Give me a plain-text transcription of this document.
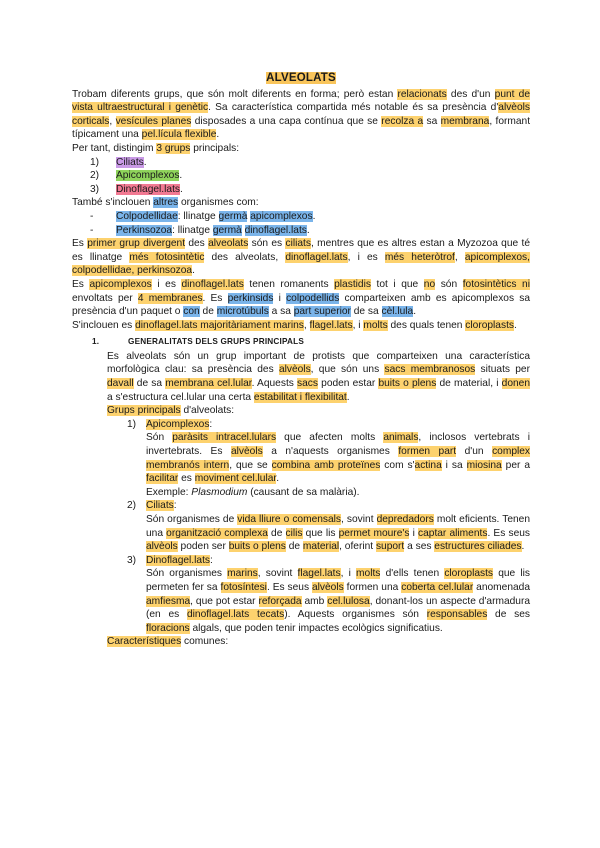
ALVEOLATS

Trobam diferents grups, que són molt diferents en forma; però estan relacionats des d'un punt de vista ultraestructural i genètic. Sa característica compartida més notable és sa presència d'alvèols corticals, vesícules planes disposades a una capa contínua que se recolza a sa membrana, formant típicament una pel.lícula flexible.

Per tant, distingim 3 grups principals:

1) Ciliats.
2) Apicomplexos.
3) Dinoflagel.lats.

També s'inclouen altres organismes com:

- Colpodellidae: llinatge germà apicomplexos.
- Perkinsozoa: llinatge germà dinoflagel.lats.

Es primer grup divergent des alveolats són es ciliats, mentres que es altres estan a Myzozoa que té es llinatge més fotosintètic des alveolats, dinoflagel.lats, i es més heteròtrof, apicomplexos, colpodellidae, perkinsozoa.

Es apicomplexos i es dinoflagel.lats tenen romanents plastidis tot i que no són fotosintètics ni envoltats per 4 membranes. Es perkinsids i colpodellids comparteixen amb es apicomplexos sa presència d'un paquet o con de microtúbuls a sa part superior de sa cèl.lula.

S'inclouen es dinoflagel.lats majoritàriament marins, flagel.lats, i molts des quals tenen cloroplasts.

1.	GENERALITATS DELS GRUPS PRINCIPALS

Es alveolats són un grup important de protists que comparteixen una característica morfològica clau: sa presència des alvèols, que són uns sacs membranosos situats per davall de sa membrana cel.lular. Aquests sacs poden estar buits o plens de material, i donen a s'estructura cel.lular una certa estabilitat i flexibilitat.

Grups principals d'alveolats:

1) Apicomplexos:

Són paràsits intracel.lulars que afecten molts animals, inclosos vertebrats i invertebrats. Es alvèols a n'aquests organismes formen part d'un complex membranós intern, que se combina amb proteïnes com s'actina i sa miosina per a facilitar es moviment cel.lular.

Exemple: Plasmodium (causant de sa malària).

2) Ciliats:

Són organismes de vida lliure o comensals, sovint depredadors molt eficients. Tenen una organització complexa de cilis que lis permet moure's i captar aliments. Es seus alvèols poden ser buits o plens de material, oferint suport a ses estructures ciliades.

3) Dinoflagel.lats:

Són organismes marins, sovint flagel.lats, i molts d'ells tenen cloroplasts que lis permeten fer sa fotosíntesi. Es seus alvèols formen una coberta cel.lular anomenada amfiesma, que pot estar reforçada amb cel.lulosa, donant-los un aspecte d'armadura (en es dinoflagel.lats tecats). Aquests organismes són responsables de ses floracions algals, que poden tenir impactes ecològics significatius.

Característiques comunes:
